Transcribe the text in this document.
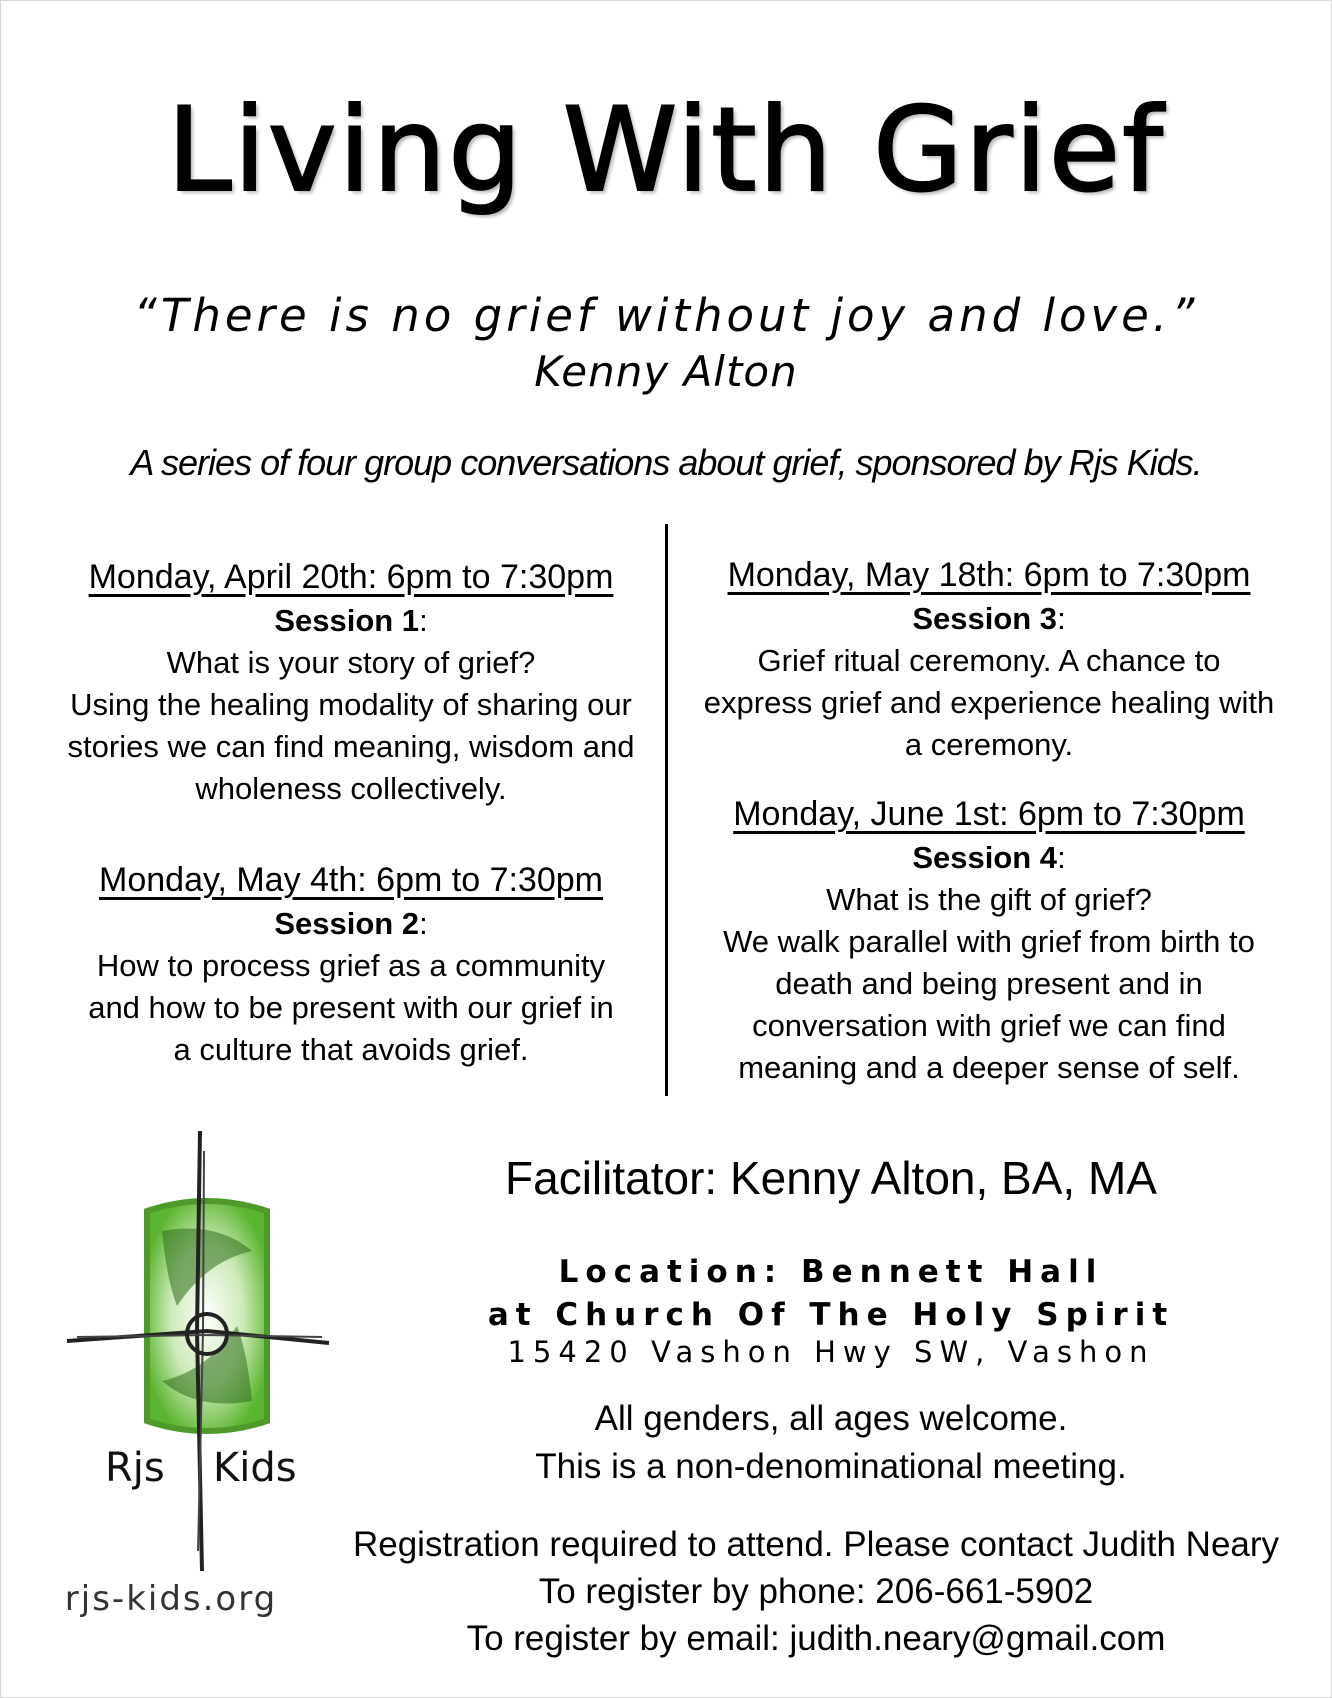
Living With Grief
“There is no grief without joy and love.”
Kenny Alton
A series of four group conversations about grief, sponsored by Rjs Kids.
Monday, April 20th: 6pm to 7:30pm
Session 1:
What is your story of grief?
Using the healing modality of sharing our
stories we can find meaning, wisdom and
wholeness collectively.
Monday, May 4th: 6pm to 7:30pm
Session 2:
How to process grief as a community
and how to be present with our grief in
a culture that avoids grief.
Monday, May 18th: 6pm to 7:30pm
Session 3:
Grief ritual ceremony. A chance to
express grief and experience healing with
a ceremony.
Monday, June 1st: 6pm to 7:30pm
Session 4:
What is the gift of grief?
We walk parallel with grief from birth to
death and being present and in
conversation with grief we can find
meaning and a deeper sense of self.
Rjs Kids
rjs-kids.org
Facilitator: Kenny Alton, BA, MA
Location: Bennett Hall
at Church Of The Holy Spirit
15420 Vashon Hwy SW, Vashon
All genders, all ages welcome.
This is a non-denominational meeting.
Registration required to attend. Please contact Judith Neary
To register by phone: 206-661-5902
To register by email: judith.neary@gmail.com
